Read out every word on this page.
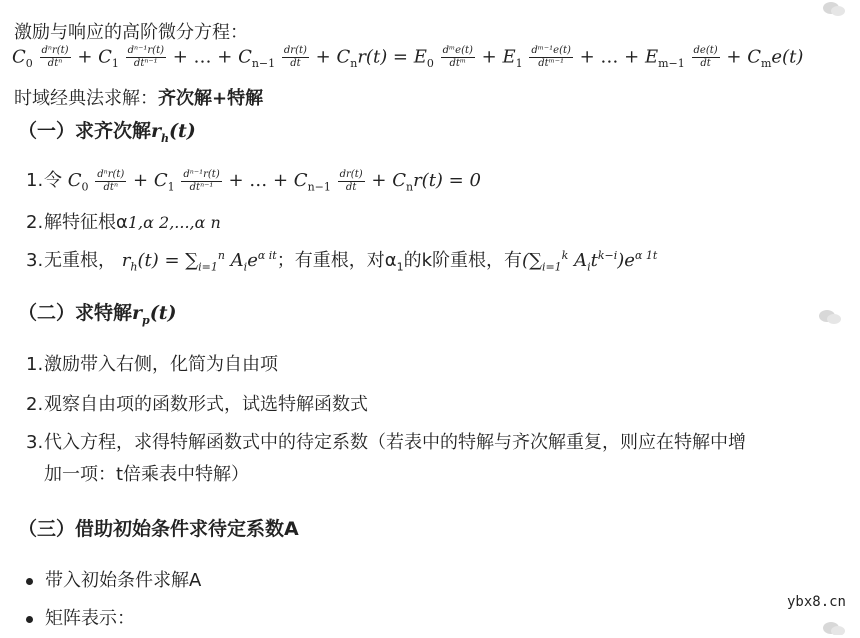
激励与响应的高阶微分方程：
$C_0 \frac{\text{dⁿr(t)}}{\text{dtⁿ}} + C_1 \frac{\text{dⁿ⁻¹r(t)}}{\text{dtⁿ⁻¹}}$ + … + $C_{n-1} \frac{dr(t)}{dt} + C_nr(t) = E_0 \frac{\text{dᵐe(t)}}{\text{dtᵐ}} + E_1 \frac{\text{dᵐ⁻¹e(t)}}{\text{dtᵐ⁻¹}}$ + … + $E_{m-1} \frac{de(t)}{dt} + C_me(t)$
时域经典法求解：齐次解+特解
（一）求齐次解$r_h(t)$
1.令 $C_0 \frac{\text{dⁿr(t)}}{\text{dtⁿ}} + C_1 \frac{\text{dⁿ⁻¹r(t)}}{\text{dtⁿ⁻¹}}$ + … + $C_{n-1} \frac{dr(t)}{dt} + C_nr(t) = 0$
2.解特征根α1,α 2,...,α n
3.无重根， $r_h(t) = \sum_{i=1}^n$ $A_ie^{\alpha it}$；有重根，对$\alpha_1$的k阶重根，有($\sum_{i=1}^k$ $A_it^{k-i})e^{\alpha 1t}$
（二）求特解$r_p(t)$
1.激励带入右侧，化简为自由项
2.观察自由项的函数形式，试选特解函数式
3.代入方程，求得特解函数式中的待定系数（若表中的特解与齐次解重复，则应在特解中增
加一项：t倍乘表中特解）
（三）借助初始条件求待定系数A
带入初始条件求解A
矩阵表示：
ybx8.cn
